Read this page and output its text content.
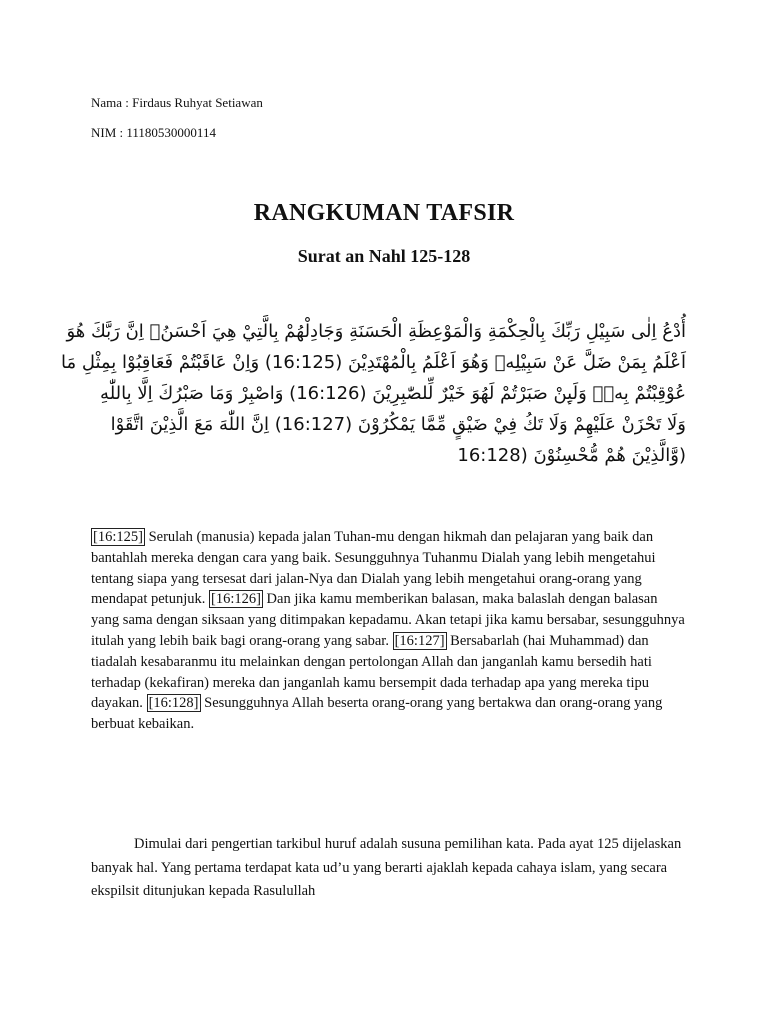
Nama : Firdaus Ruhyat Setiawan
NIM : 11180530000114
RANGKUMAN TAFSIR
Surat an Nahl 125-128
أُدْعُ اِلٰى سَبِيْلِ رَبِّكَ بِالْحِكْمَةِ وَالْمَوْعِظَةِ الْحَسَنَةِ وَجَادِلْهُمْ بِالَّتِيْ هِيَ اَحْسَنُۗ اِنَّ رَبَّكَ هُوَ
اَعْلَمُ بِمَنْ ضَلَّ عَنْ سَبِيْلِهٖ وَهُوَ اَعْلَمُ بِالْمُهْتَدِيْنَ (16:125) وَاِنْ عَاقَبْتُمْ فَعَاقِبُوْا بِمِثْلِ مَا
عُوْقِبْتُمْ بِهٖۗ وَلَىِٕنْ صَبَرْتُمْ لَهُوَ خَيْرٌ لِّلصّٰبِرِيْنَ (16:126) وَاصْبِرْ وَمَا صَبْرُكَ اِلَّا بِاللّٰهِ
وَلَا تَحْزَنْ عَلَيْهِمْ وَلَا تَكُ فِيْ ضَيْقٍ مِّمَّا يَمْكُرُوْنَ (16:127) اِنَّ اللّٰهَ مَعَ الَّذِيْنَ اتَّقَوْا
(وَّالَّذِيْنَ هُمْ مُّحْسِنُوْنَ (16:128
[16:125] Serulah (manusia) kepada jalan Tuhan-mu dengan hikmah dan pelajaran yang baik dan bantahlah mereka dengan cara yang baik. Sesungguhnya Tuhanmu Dialah yang lebih mengetahui tentang siapa yang tersesat dari jalan-Nya dan Dialah yang lebih mengetahui orang-orang yang mendapat petunjuk. [16:126] Dan jika kamu memberikan balasan, maka balaslah dengan balasan yang sama dengan siksaan yang ditimpakan kepadamu. Akan tetapi jika kamu bersabar, sesungguhnya itulah yang lebih baik bagi orang-orang yang sabar. [16:127] Bersabarlah (hai Muhammad) dan tiadalah kesabaranmu itu melainkan dengan pertolongan Allah dan janganlah kamu bersedih hati terhadap (kekafiran) mereka dan janganlah kamu bersempit dada terhadap apa yang mereka tipu dayakan. [16:128] Sesungguhnya Allah beserta orang-orang yang bertakwa dan orang-orang yang berbuat kebaikan.
Dimulai dari pengertian tarkibul huruf adalah susuna pemilihan kata. Pada ayat 125 dijelaskan banyak hal. Yang pertama terdapat kata ud’u yang berarti ajaklah kepada cahaya islam, yang secara ekspilsit ditunjukan kepada Rasulullah
